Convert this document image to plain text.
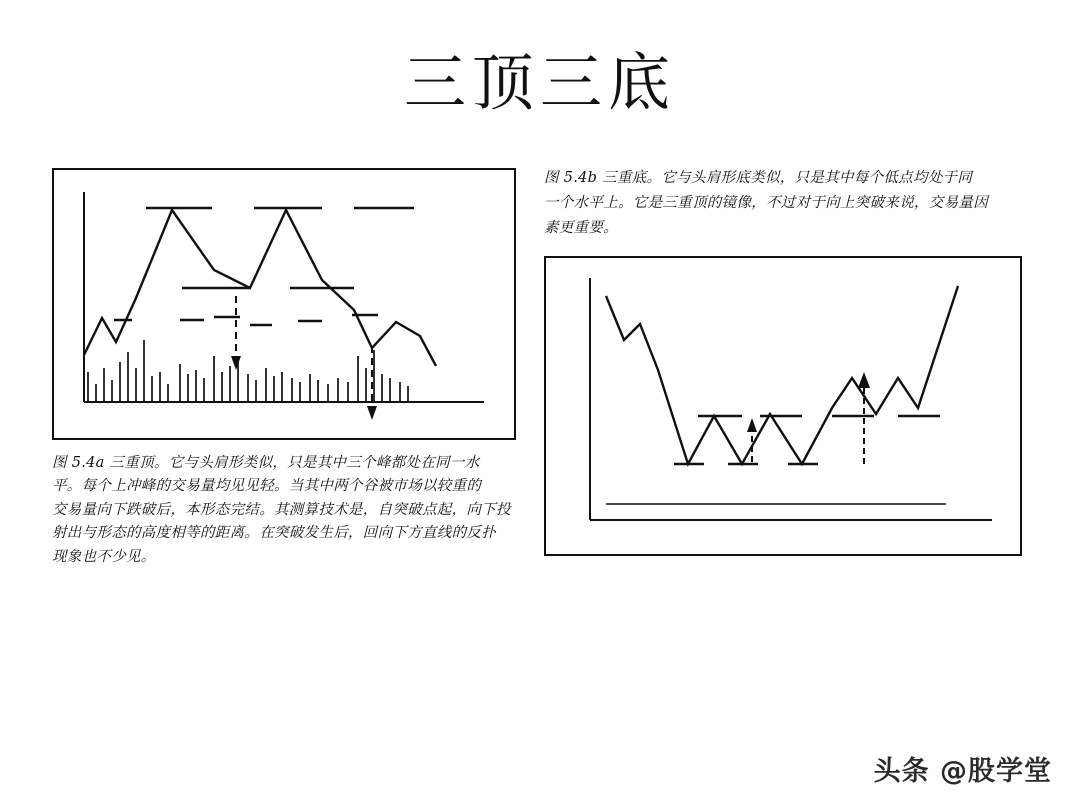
三顶三底
图 5.4a 三重顶。它与头肩形类似，只是其中三个峰都处在同一水
平。每个上冲峰的交易量均见见轻。当其中两个谷被市场以较重的
交易量向下跌破后，本形态完结。其测算技术是，自突破点起，向下投
射出与形态的高度相等的距离。在突破发生后，回向下方直线的反扑
现象也不少见。
图 5.4b 三重底。它与头肩形底类似，只是其中每个低点均处于同
一个水平上。它是三重顶的镜像，不过对于向上突破来说，交易量因
素更重要。
头条 @股学堂
